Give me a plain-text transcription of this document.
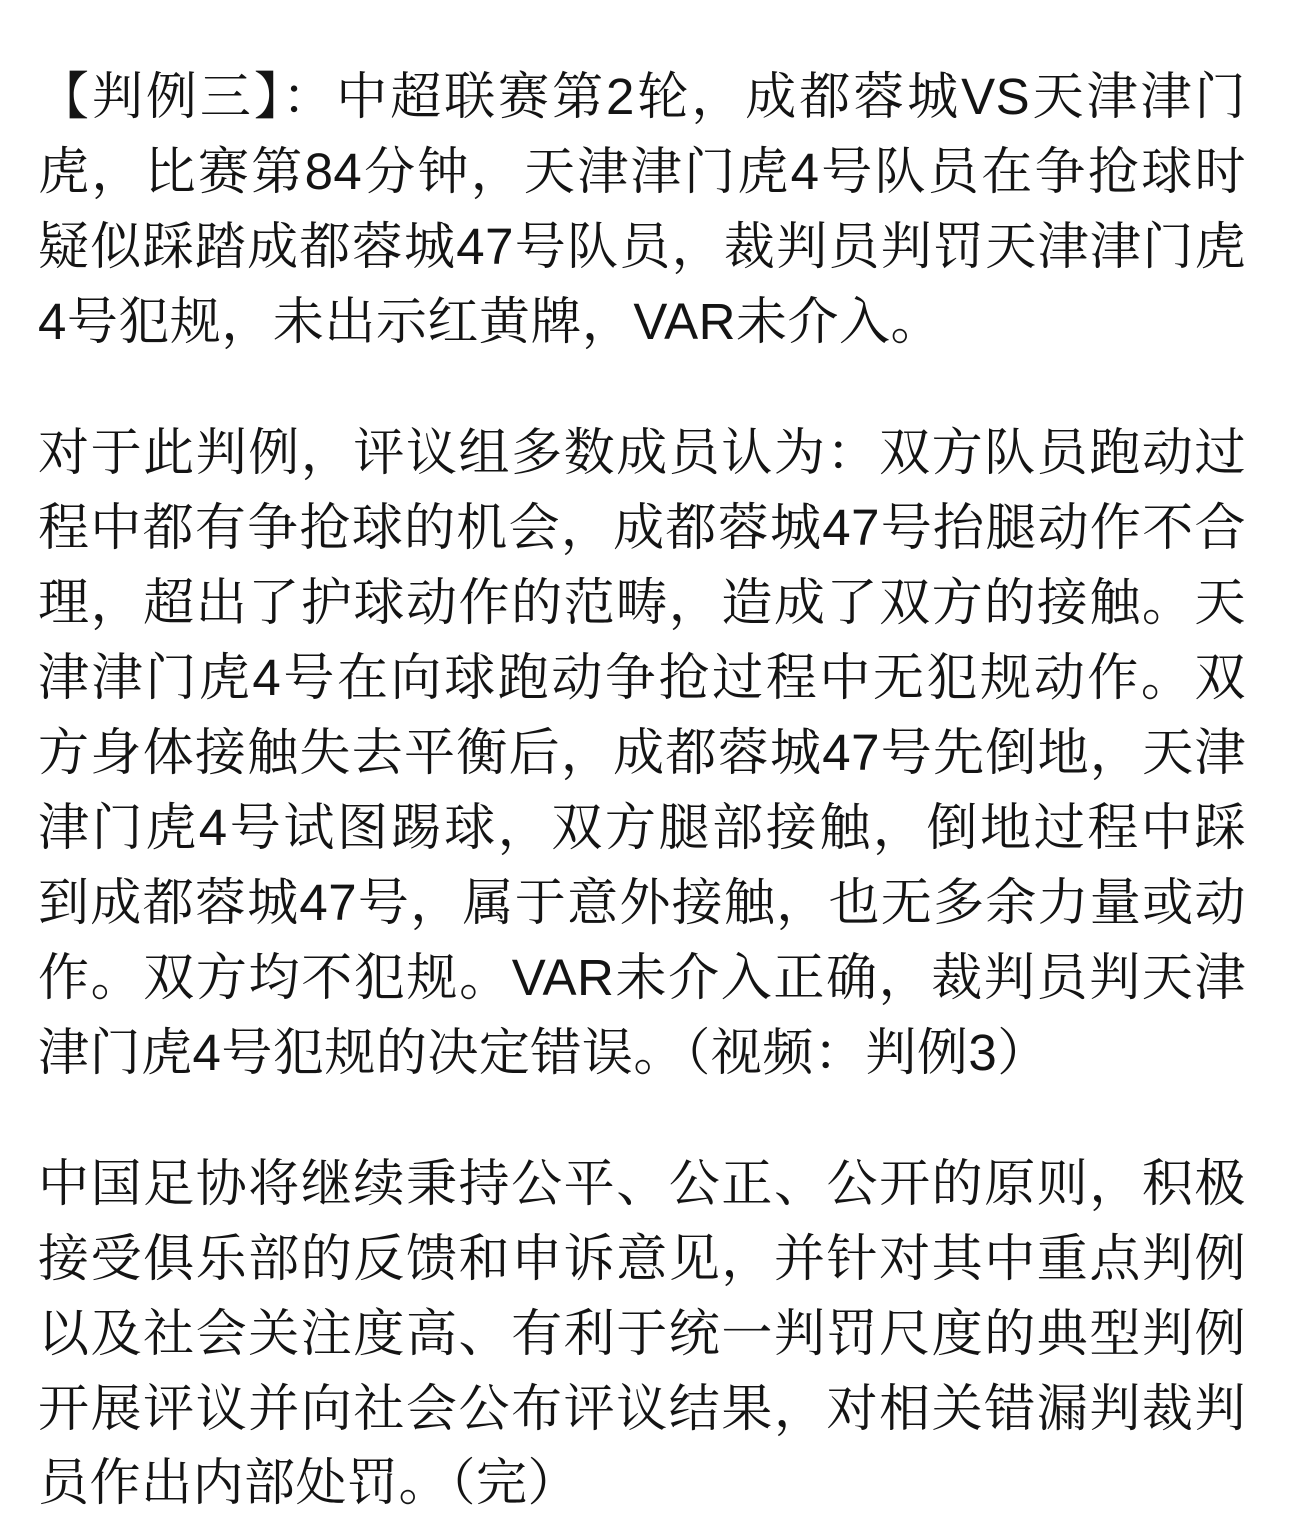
【判例三】：中超联赛第2轮，成都蓉城VS天津津门虎，比赛第84分钟，天津津门虎4号队员在争抢球时疑似踩踏成都蓉城47号队员，裁判员判罚天津津门虎4号犯规，未出示红黄牌，VAR未介入。

对于此判例，评议组多数成员认为：双方队员跑动过程中都有争抢球的机会，成都蓉城47号抬腿动作不合理，超出了护球动作的范畴，造成了双方的接触。天津津门虎4号在向球跑动争抢过程中无犯规动作。双方身体接触失去平衡后，成都蓉城47号先倒地，天津津门虎4号试图踢球，双方腿部接触，倒地过程中踩到成都蓉城47号，属于意外接触，也无多余力量或动作。双方均不犯规。VAR未介入正确，裁判员判天津津门虎4号犯规的决定错误。（视频：判例3）

中国足协将继续秉持公平、公正、公开的原则，积极接受俱乐部的反馈和申诉意见，并针对其中重点判例以及社会关注度高、有利于统一判罚尺度的典型判例开展评议并向社会公布评议结果，对相关错漏判裁判员作出内部处罚。（完）
